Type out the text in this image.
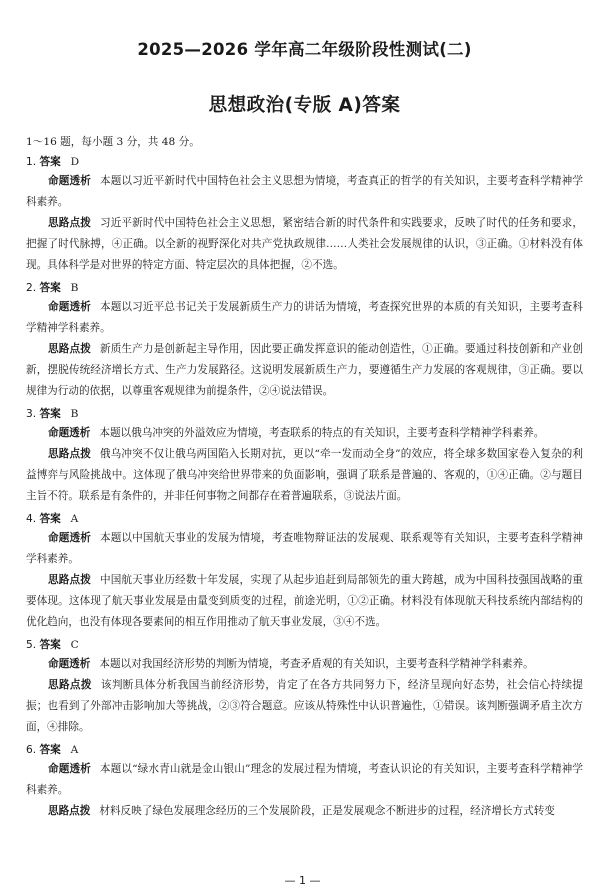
2025—2026 学年高二年级阶段性测试(二)
思想政治(专版 A)答案
1～16 题，每小题 3 分，共 48 分。
1. 答案 D

命题透析 本题以习近平新时代中国特色社会主义思想为情境，考查真正的哲学的有关知识，主要考查科学精神学科素养。

思路点拨 习近平新时代中国特色社会主义思想，紧密结合新的时代条件和实践要求，反映了时代的任务和要求，把握了时代脉搏，④正确。以全新的视野深化对共产党执政规律……人类社会发展规律的认识，③正确。①材料没有体现。具体科学是对世界的特定方面、特定层次的具体把握，②不选。

2. 答案 B

命题透析 本题以习近平总书记关于发展新质生产力的讲话为情境，考查探究世界的本质的有关知识，主要考查科学精神学科素养。

思路点拨 新质生产力是创新起主导作用，因此要正确发挥意识的能动创造性，①正确。要通过科技创新和产业创新，摆脱传统经济增长方式、生产力发展路径。这说明发展新质生产力，要遵循生产力发展的客观规律，③正确。要以规律为行动的依据，以尊重客观规律为前提条件，②④说法错误。

3. 答案 B

命题透析 本题以俄乌冲突的外溢效应为情境，考查联系的特点的有关知识，主要考查科学精神学科素养。

思路点拨 俄乌冲突不仅让俄乌两国陷入长期对抗，更以“牵一发而动全身”的效应，将全球多数国家卷入复杂的利益博弈与风险挑战中。这体现了俄乌冲突给世界带来的负面影响，强调了联系是普遍的、客观的，①④正确。②与题目主旨不符。联系是有条件的，并非任何事物之间都存在着普遍联系，③说法片面。

4. 答案 A

命题透析 本题以中国航天事业的发展为情境，考查唯物辩证法的发展观、联系观等有关知识，主要考查科学精神学科素养。

思路点拨 中国航天事业历经数十年发展，实现了从起步追赶到局部领先的重大跨越，成为中国科技强国战略的重要体现。这体现了航天事业发展是由量变到质变的过程，前途光明，①②正确。材料没有体现航天科技系统内部结构的优化趋向，也没有体现各要素间的相互作用推动了航天事业发展，③④不选。

5. 答案 C

命题透析 本题以对我国经济形势的判断为情境，考查矛盾观的有关知识，主要考查科学精神学科素养。

思路点拨 该判断具体分析我国当前经济形势，肯定了在各方共同努力下，经济呈现向好态势，社会信心持续提振；也看到了外部冲击影响加大等挑战，②③符合题意。应该从特殊性中认识普遍性，①错误。该判断强调矛盾主次方面，④排除。

6. 答案 A

命题透析 本题以“绿水青山就是金山银山”理念的发展过程为情境，考查认识论的有关知识，主要考查科学精神学科素养。

思路点拨 材料反映了绿色发展理念经历的三个发展阶段，正是发展观念不断进步的过程，经济增长方式转变

— 1 —
